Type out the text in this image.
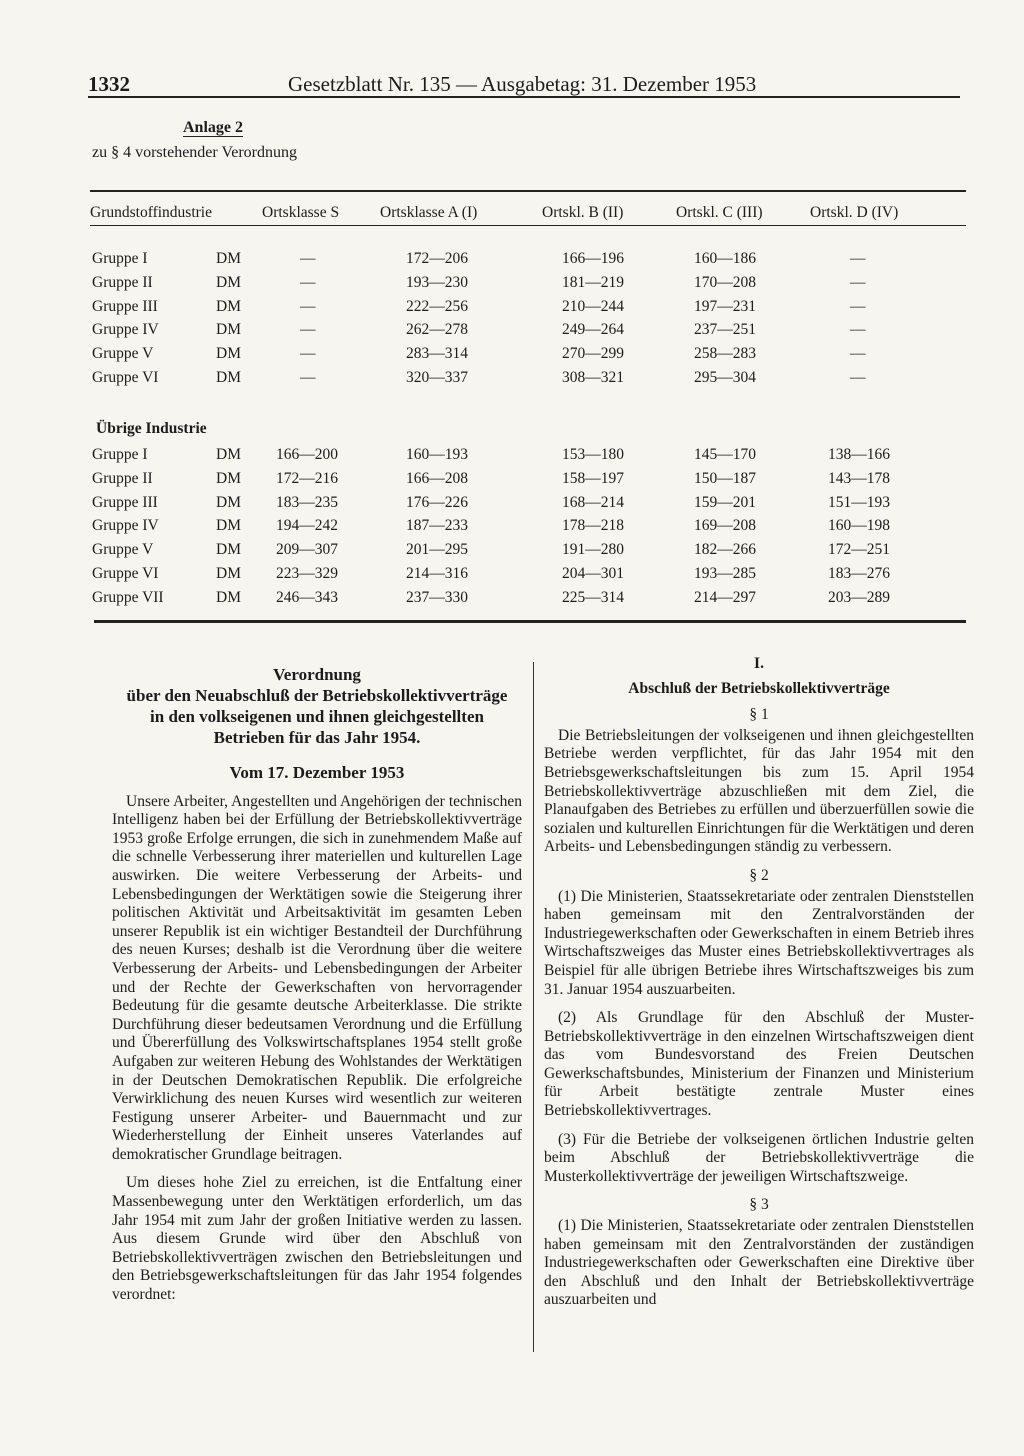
1332	Gesetzblatt Nr. 135 — Ausgabetag: 31. Dezember 1953
Anlage 2
zu § 4 vorstehender Verordnung
Grundstoffindustrie	Ortsklasse S	Ortsklasse A (I)	Ortskl. B (II)	Ortskl. C (III)	Ortskl. D (IV)
Übrige Industrie
Gruppe I	DM	—	172—206	166—196	160—186	—
Gruppe II	DM	—	193—230	181—219	170—208	—
Gruppe III	DM	—	222—256	210—244	197—231	—
Gruppe IV	DM	—	262—278	249—264	237—251	—
Gruppe V	DM	—	283—314	270—299	258—283	—
Gruppe VI	DM	—	320—337	308—321	295—304	—
Gruppe I	DM 166—200	160—193	153—180	145—170	138—166
Gruppe II	DM 172—216	166—208	158—197	150—187	143—178
Gruppe III	DM 183—235	176—226	168—214	159—201	151—193
Gruppe IV	DM 194—242	187—233	178—218	169—208	160—198
Gruppe V	DM 209—307	201—295	191—280	182—266	172—251
Gruppe VI	DM 223—329	214—316	204—301	193—285	183—276
Gruppe VII	DM 246—343	237—330	225—314	214—297	203—289
Verordnung
über den Neuabschluß der Betriebskollektivverträge
in den volkseigenen und ihnen gleichgestellten
Betrieben für das Jahr 1954.
Vom 17. Dezember 1953

Unsere Arbeiter, Angestellten und Angehörigen der technischen Intelligenz haben bei der Erfüllung der Betriebskollektivverträge 1953 große Erfolge errungen, die sich in zunehmendem Maße auf die schnelle Verbesserung ihrer materiellen und kulturellen Lage auswirken. Die weitere Verbesserung der Arbeits- und Lebensbedingungen der Werktätigen sowie die Steigerung ihrer politischen Aktivität und Arbeitsaktivität im gesamten Leben unserer Republik ist ein wichtiger Bestandteil der Durchführung des neuen Kurses; deshalb ist die Verordnung über die weitere Verbesserung der Arbeits- und Lebensbedingungen der Arbeiter und der Rechte der Gewerkschaften von hervorragender Bedeutung für die gesamte deutsche Arbeiterklasse. Die strikte Durchführung dieser bedeutsamen Verordnung und die Erfüllung und Übererfüllung des Volkswirtschaftsplanes 1954 stellt große Aufgaben zur weiteren Hebung des Wohlstandes der Werktätigen in der Deutschen Demokratischen Republik. Die erfolgreiche Verwirklichung des neuen Kurses wird wesentlich zur weiteren Festigung unserer Arbeiter- und Bauernmacht und zur Wiederherstellung der Einheit unseres Vaterlandes auf demokratischer Grundlage beitragen.

Um dieses hohe Ziel zu erreichen, ist die Entfaltung einer Massenbewegung unter den Werktätigen erforderlich, um das Jahr 1954 mit zum Jahr der großen Initiative werden zu lassen. Aus diesem Grunde wird über den Abschluß von Betriebskollektivverträgen zwischen den Betriebsleitungen und den Betriebsgewerkschaftsleitungen für das Jahr 1954 folgendes verordnet:

I.
Abschluß der Betriebskollektivverträge
§ 1

Die Betriebsleitungen der volkseigenen und ihnen gleichgestellten Betriebe werden verpflichtet, für das Jahr 1954 mit den Betriebsgewerkschaftsleitungen bis zum 15. April 1954 Betriebskollektivverträge abzuschließen mit dem Ziel, die Planaufgaben des Betriebes zu erfüllen und überzuerfüllen sowie die sozialen und kulturellen Einrichtungen für die Werktätigen und deren Arbeits- und Lebensbedingungen ständig zu verbessern.

§ 2

(1) Die Ministerien, Staatssekretariate oder zentralen Dienststellen haben gemeinsam mit den Zentralvorständen der Industriegewerkschaften oder Gewerkschaften in einem Betrieb ihres Wirtschaftszweiges das Muster eines Betriebskollektivvertrages als Beispiel für alle übrigen Betriebe ihres Wirtschaftszweiges bis zum 31. Januar 1954 auszuarbeiten.

(2) Als Grundlage für den Abschluß der Muster-Betriebskollektivverträge in den einzelnen Wirtschaftszweigen dient das vom Bundesvorstand des Freien Deutschen Gewerkschaftsbundes, Ministerium der Finanzen und Ministerium für Arbeit bestätigte zentrale Muster eines Betriebskollektivvertrages.

(3) Für die Betriebe der volkseigenen örtlichen Industrie gelten beim Abschluß der Betriebskollektivverträge die Musterkollektivverträge der jeweiligen Wirtschaftszweige.

§ 3

(1) Die Ministerien, Staatssekretariate oder zentralen Dienststellen haben gemeinsam mit den Zentralvorständen der zuständigen Industriegewerkschaften oder Gewerkschaften eine Direktive über den Abschluß und den Inhalt der Betriebskollektivverträge auszuarbeiten und
